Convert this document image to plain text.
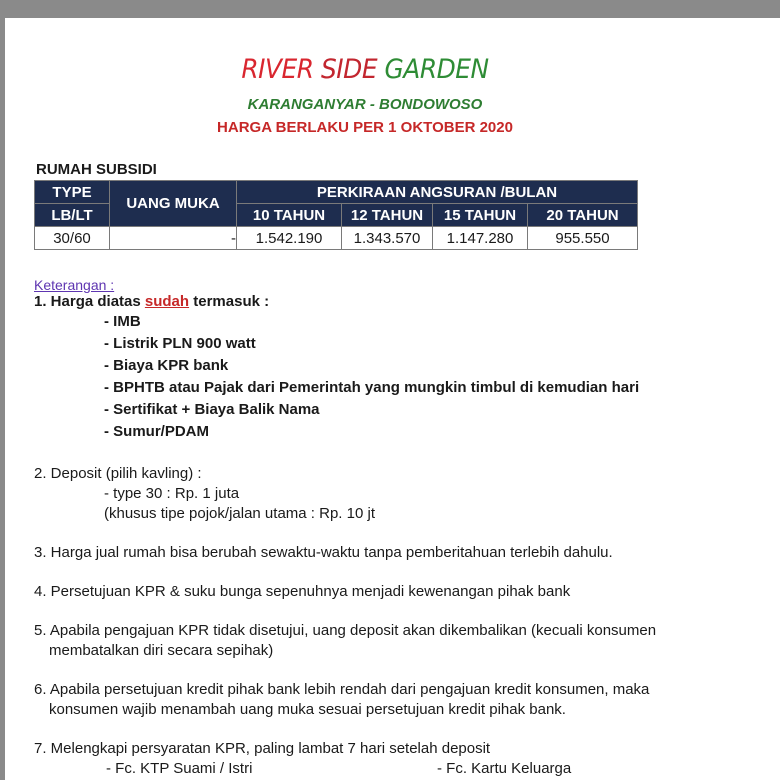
RIVER SIDE GARDEN
KARANGANYAR - BONDOWOSO
HARGA BERLAKU PER 1 OKTOBER 2020
RUMAH SUBSIDI
TYPE	UANG MUKA	PERKIRAAN ANGSURAN /BULAN			
LB/LT		10 TAHUN	12 TAHUN	15 TAHUN	20 TAHUN
30/60	-	1.542.190	1.343.570	1.147.280	955.550
Keterangan :
1. Harga diatas sudah termasuk :
- IMB
- Listrik PLN 900 watt
- Biaya KPR bank
- BPHTB atau Pajak dari Pemerintah yang mungkin timbul di kemudian hari
- Sertifikat + Biaya Balik Nama
- Sumur/PDAM
2. Deposit (pilih kavling) :
- type 30 : Rp. 1 juta
(khusus tipe pojok/jalan utama : Rp. 10 jt
3. Harga jual rumah bisa berubah sewaktu-waktu tanpa pemberitahuan terlebih dahulu.
4. Persetujuan KPR & suku bunga sepenuhnya menjadi kewenangan pihak bank
5. Apabila pengajuan KPR tidak disetujui, uang deposit akan dikembalikan (kecuali konsumen
membatalkan diri secara sepihak)
6. Apabila persetujuan kredit pihak bank lebih rendah dari pengajuan kredit konsumen, maka
konsumen wajib menambah uang muka sesuai persetujuan kredit pihak bank.
7. Melengkapi persyaratan KPR, paling lambat 7 hari setelah deposit
- Fc. KTP Suami / Istri	- Fc. Kartu Keluarga
